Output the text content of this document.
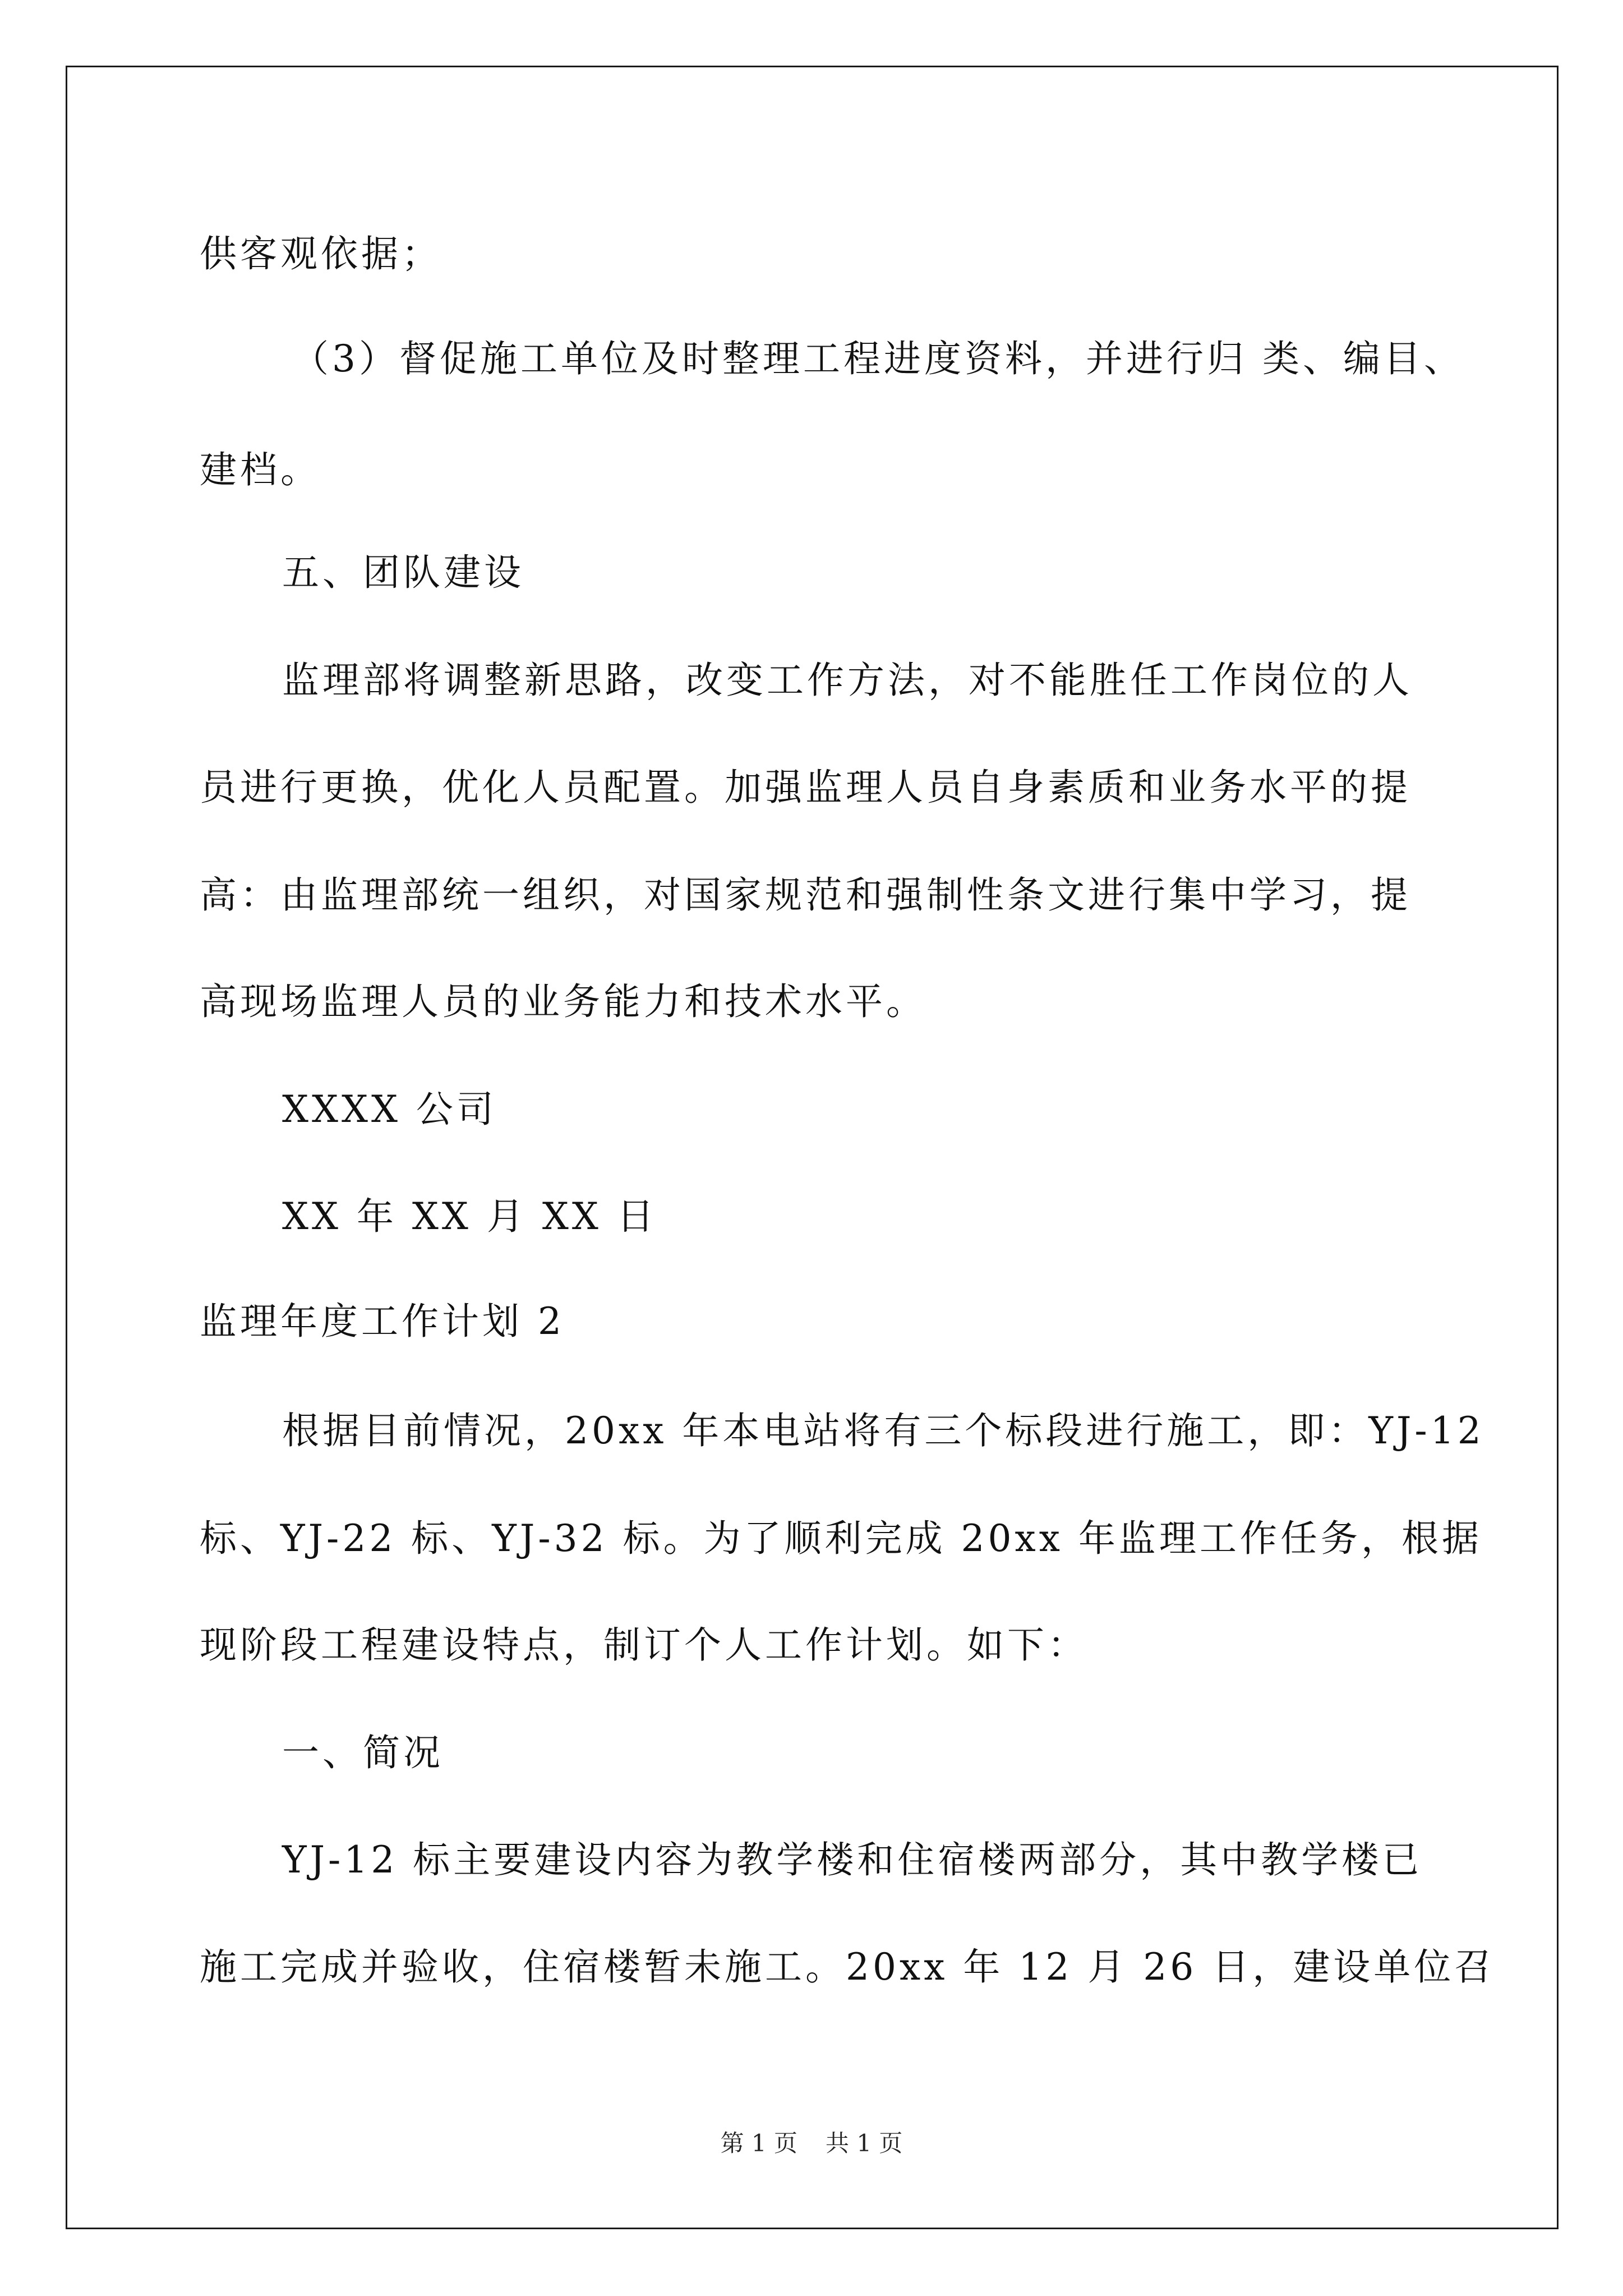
供客观依据；
（3）督促施工单位及时整理工程进度资料，并进行归 类、编目、
建档。
五、团队建设
监理部将调整新思路，改变工作方法，对不能胜任工作岗位的人
员进行更换，优化人员配置。加强监理人员自身素质和业务水平的提
高：由监理部统一组织，对国家规范和强制性条文进行集中学习，提
高现场监理人员的业务能力和技术水平。
XXXX 公司
XX 年 XX 月 XX 日
监理年度工作计划 2
根据目前情况，20xx 年本电站将有三个标段进行施工，即：YJ-12
标、YJ-22 标、YJ-32 标。为了顺利完成 20xx 年监理工作任务，根据
现阶段工程建设特点，制订个人工作计划。如下：
一、简况
YJ-12 标主要建设内容为教学楼和住宿楼两部分，其中教学楼已
施工完成并验收，住宿楼暂未施工。20xx 年 12 月 26 日，建设单位召
第 1 页 共 1 页
